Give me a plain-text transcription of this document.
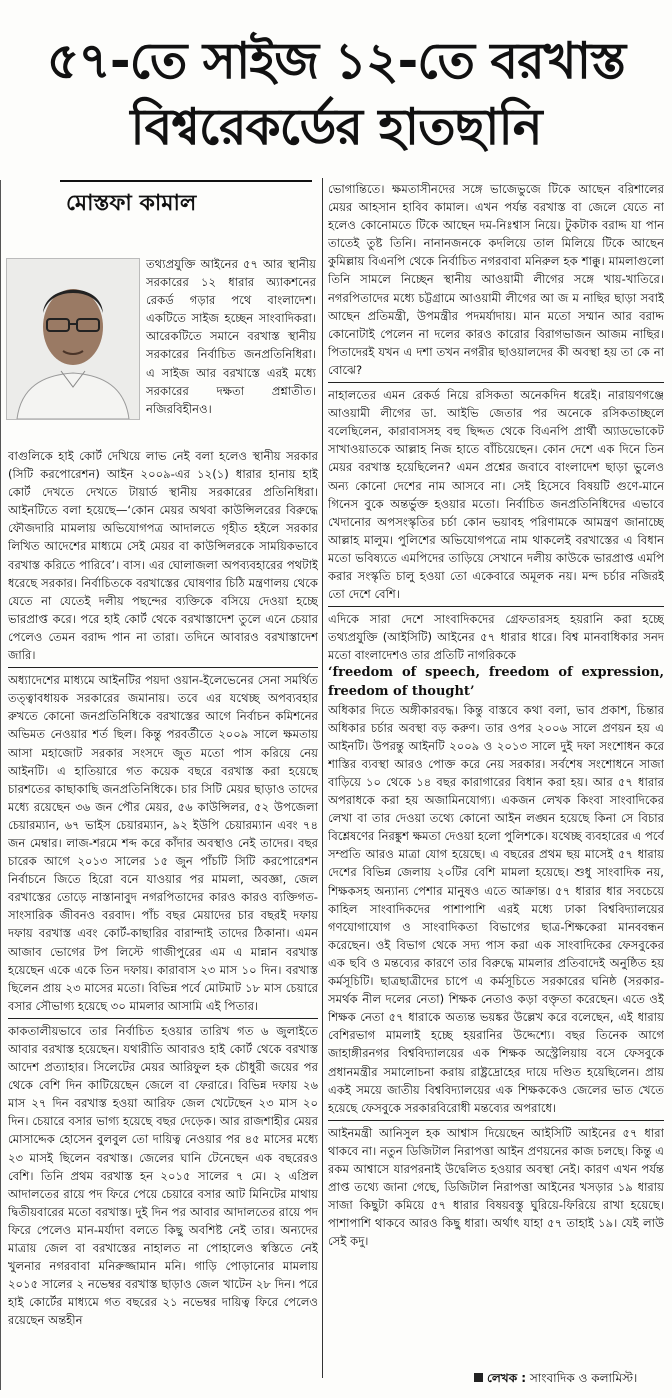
৫৭-তে সাইজ ১২-তে বরখাস্ত
বিশ্বরেকর্ডের হাতছানি
মোস্তফা কামাল

তথ্যপ্রযুক্তি আইনের ৫৭ আর স্থানীয় সরকারের ১২ ধারার অ্যাকশনের রেকর্ড গড়ার পথে বাংলাদেশ। একটিতে সাইজ হচ্ছেন সাংবাদিকরা। আরেকটিতে সমানে বরখাস্ত স্থানীয় সরকারের নির্বাচিত জনপ্রতিনিধিরা। এ সাইজ আর বরখাস্তে এরই মধ্যে সরকারের দক্ষতা প্রশ্নাতীত। নজিরবিহীনও।

বাগুলিকে হাই কোর্ট দেখিয়ে লাভ নেই বলা হলেও স্থানীয় সরকার (সিটি করপোরেশন) আইন ২০০৯-এর ১২(১) ধারার হানায় হাই কোর্ট দেখতে দেখতে টায়ার্ড স্থানীয় সরকারের প্রতিনিধিরা। আইনটিতে বলা হয়েছে—‘কোন মেয়র অথবা কাউন্সিলরের বিরুদ্ধে ফৌজদারি মামলায় অভিযোগপত্র আদালতে গৃহীত হইলে সরকার লিখিত আদেশের মাধ্যমে সেই মেয়র বা কাউন্সিলরকে সাময়িকভাবে বরখাস্ত করিতে পারিবে’। বাস। এর ঘোলাজলা অপব্যবহারের পথটাই ধরেছে সরকার। নির্বাচিতকে বরখাস্তের ঘোষণার চিঠি মন্ত্রণালয় থেকে যেতে না যেতেই দলীয় পছন্দের ব্যক্তিকে বসিয়ে দেওয়া হচ্ছে ভারপ্রাপ্ত করে। পরে হাই কোর্ট থেকে বরখাস্তাদেশ তুলে এনে চেয়ার পেলেও তেমন বরাদ্দ পান না তারা। তদিনে আবারও বরখাস্তাদেশ জারি।

অধ্যাদেশের মাধ্যমে আইনটির পয়দা ওয়ান-ইলেভেনের সেনা সমর্থিত তত্ত্বাবধায়ক সরকারের জমানায়। তবে এর যথেচ্ছ অপব্যবহার রুখতে কোনো জনপ্রতিনিধিকে বরখাস্তের আগে নির্বাচন কমিশনের অভিমত নেওয়ার শর্ত ছিল। কিন্তু পরবর্তীতে ২০০৯ সালে ক্ষমতায় আসা মহাজোট সরকার সংসদে জুত মতো পাস করিয়ে নেয় আইনটি। এ হাতিয়ারে গত কয়েক বছরে বরখাস্ত করা হয়েছে চারশতের কাছাকাছি জনপ্রতিনিধিকে। চার সিটি মেয়র ছাড়াও তাদের মধ্যে রয়েছেন ৩৬ জন পৌর মেয়র, ৫৬ কাউন্সিলর, ৫২ উপজেলা চেয়ারম্যান, ৬৭ ভাইস চেয়ারম্যান, ৯২ ইউপি চেয়ারম্যান এবং ৭৪ জন মেম্বার। লাজ-শরমে শব্দ করে কাঁদার অবস্থাও নেই তাদের। বছর চারেক আগে ২০১৩ সালের ১৫ জুন পাঁচটি সিটি করপোরেশন নির্বাচনে জিতে হিরো বনে যাওয়ার পর মামলা, অবজ্ঞা, জেল বরখাস্তের তোড়ে নাস্তানাবুদ নগরপিতাদের কারও কারও ব্যক্তিগত-সাংসারিক জীবনও বরবাদ। পাঁচ বছর মেয়াদের চার বছরই দফায় দফায় বরখাস্ত এবং কোর্ট-কাছারির বারান্দাই তাদের ঠিকানা। এমন আজাব ভোগের টপ লিস্টে গাজীপুরের এম এ মান্নান বরখাস্ত হয়েছেন একে একে তিন দফায়। কারাবাস ২৩ মাস ১০ দিন। বরখাস্ত ছিলেন প্রায় ২৩ মাসের মতো। বিভিন্ন পর্বে মোটমাট ১৮ মাস চেয়ারে বসার সৌভাগ্য হয়েছে ৩০ মামলার আসামি এই পিতার।

কাকতালীয়ভাবে তার নির্বাচিত হওয়ার তারিখ গত ৬ জুলাইতে আবার বরখাস্ত হয়েছেন। যথারীতি আবারও হাই কোর্ট থেকে বরখাস্ত আদেশ প্রত্যাহার। সিলেটের মেয়র আরিফুল হক চৌধুরী জয়ের পর থেকে বেশি দিন কাটিয়েছেন জেলে বা ফেরারে। বিভিন্ন দফায় ২৬ মাস ২৭ দিন বরখাস্ত হওয়া আরিফ জেল খেটেছেন ২৩ মাস ২০ দিন। চেয়ারে বসার ভাগ্য হয়েছে বছর দেড়েক। আর রাজশাহীর মেয়র মোসাদ্দেক হোসেন বুলবুল তো দায়িত্ব নেওয়ার পর ৪৫ মাসের মধ্যে ২৩ মাসই ছিলেন বরখাস্ত। জেলের ঘানি টেনেছেন এক বছরেরও বেশি। তিনি প্রথম বরখাস্ত হন ২০১৫ সালের ৭ মে। ২ এপ্রিল আদালতের রায়ে পদ ফিরে পেয়ে চেয়ারে বসার আট মিনিটের মাথায় দ্বিতীয়বারের মতো বরখাস্ত। দুই দিন পর আবার আদালতের রায়ে পদ ফিরে পেলেও মান-মর্যাদা বলতে কিছু অবশিষ্ট নেই তার। অন্যদের মাত্রায় জেল বা বরখাস্তের নাহালত না পোহালেও স্বস্তিতে নেই খুলনার নগরবাবা মনিরুজ্জামান মনি। গাড়ি পোড়ানোর মামলায় ২০১৫ সালের ২ নভেম্বর বরখাস্ত ছাড়াও জেল খাটেন ২৮ দিন। পরে হাই কোর্টের মাধ্যমে গত বছরের ২১ নভেম্বর দায়িত্ব ফিরে পেলেও রয়েছেন অন্তহীন

ভোগান্তিতে। ক্ষমতাসীনদের সঙ্গে ভাজেভুজে টিকে আছেন বরিশালের মেয়র আহসান হাবিব কামাল। এখন পর্যন্ত বরখাস্ত বা জেলে যেতে না হলেও কোনোমতে টিকে আছেন দম-নিঃশ্বাস নিয়ে। টুকটাক বরাদ্দ যা পান তাতেই তুষ্ট তিনি। নানানজনকে কদলিয়ে তাল মিলিয়ে টিকে আছেন কুমিল্লায় বিএনপি থেকে নির্বাচিত নগরবাবা মনিরুল হক শাক্কু। মামলাগুলো তিনি সামলে নিচ্ছেন স্থানীয় আওয়ামী লীগের সঙ্গে খায়-খাতিরে। নগরপিতাদের মধ্যে চট্টগ্রামে আওয়ামী লীগের আ জ ম নাছির ছাড়া সবাই আছেন প্রতিমন্ত্রী, উপমন্ত্রীর পদমর্যাদায়। মান মতো সম্মান আর বরাদ্দ কোনোটাই পেলেন না দলের কারও কারোর বিরাগভাজন আজম নাছির। পিতাদেরই যখন এ দশা তখন নগরীর ছাওয়ালদের কী অবস্থা হয় তা কে না বোঝে?

নাহালতের এমন রেকর্ড নিয়ে রসিকতা অনেকদিন ধরেই। নারায়ণগঞ্জে আওয়ামী লীগের ডা. আইভি জেতার পর অনেকে রসিকতাচ্ছলে বলেছিলেন, কারাবাসসহ বহু ছিদ্দত থেকে বিএনপি প্রার্থী অ্যাডভোকেট সাখাওয়াতকে আল্লাহ নিজ হাতে বাঁচিয়েছেন। কোন দেশে এক দিনে তিন মেয়র বরখাস্ত হয়েছিলেন? এমন প্রশ্নের জবাবে বাংলাদেশ ছাড়া ভুলেও অন্য কোনো দেশের নাম আসবে না। সেই হিসেবে বিষয়টি গুণে-মানে গিনেস বুকে অন্তর্ভুক্ত হওয়ার মতো। নির্বাচিত জনপ্রতিনিধিদের এভাবে খেদানোর অপসংস্কৃতির চর্চা কোন ভয়াবহ পরিণামকে আমন্ত্রণ জানাচ্ছে আল্লাহ মালুম। পুলিশের অভিযোগপত্রে নাম থাকলেই বরখাস্তের এ বিধান মতো ভবিষ্যতে এমপিদের তাড়িয়ে সেখানে দলীয় কাউকে ভারপ্রাপ্ত এমপি করার সংস্কৃতি চালু হওয়া তো একেবারে অমূলক নয়। মন্দ চর্চার নজিরই তো দেশে বেশি।

এদিকে সারা দেশে সাংবাদিকদের গ্রেফতারসহ হয়রানি করা হচ্ছে তথ্যপ্রযুক্তি (আইসিটি) আইনের ৫৭ ধারার ধারে। বিশ্ব মানবাধিকার সনদ মতো বাংলাদেশও তার প্রতিটি নাগরিককে

‘freedom of speech, freedom of expression, freedom of thought’

অধিকার দিতে অঙ্গীকারবদ্ধ। কিন্তু বাস্তবে কথা বলা, ভাব প্রকাশ, চিন্তার অধিকার চর্চার অবস্থা বড় করুণ। তার ওপর ২০০৬ সালে প্রণয়ন হয় এ আইনটি। উপরন্তু আইনটি ২০০৯ ও ২০১৩ সালে দুই দফা সংশোধন করে শাস্তির ব্যবস্থা আরও পোক্ত করে নেয় সরকার। সর্বশেষ সংশোধনে সাজা বাড়িয়ে ১০ থেকে ১৪ বছর কারাগারের বিধান করা হয়। আর ৫৭ ধারার অপরাধকে করা হয় অজামিনযোগ্য। একজন লেখক কিংবা সাংবাদিকের লেখা বা তার দেওয়া তথ্যে কোনো আইন লঙ্ঘন হয়েছে কিনা সে বিচার বিশ্লেষণের নিরঙ্কুশ ক্ষমতা দেওয়া হলো পুলিশকে। যথেচ্ছ ব্যবহারের এ পর্বে সম্প্রতি আরও মাত্রা যোগ হয়েছে। এ বছরের প্রথম ছয় মাসেই ৫৭ ধারায় দেশের বিভিন্ন জেলায় ২০টির বেশি মামলা হয়েছে। শুধু সাংবাদিক নয়, শিক্ষকসহ অন্যান্য পেশার মানুষও এতে আক্রান্ত। ৫৭ ধারার ধার সবচেয়ে কাহিল সাংবাদিকদের পাশাপাশি এরই মধ্যে ঢাকা বিশ্ববিদ্যালয়ের গণযোগাযোগ ও সাংবাদিকতা বিভাগের ছাত্র-শিক্ষকেরা মানববন্ধন করেছেন। ওই বিভাগ থেকে সদ্য পাস করা এক সাংবাদিকের ফেসবুকের এক ছবি ও মন্তব্যের কারণে তার বিরুদ্ধে মামলার প্রতিবাদেই অনুষ্ঠিত হয় কর্মসূচিটি। ছাত্রছাত্রীদের চাপে এ কর্মসূচিতে সরকারের ঘনিষ্ঠ (সরকার-সমর্থক নীল দলের নেতা) শিক্ষক নেতাও কড়া বক্তৃতা করেছেন। এতে ওই শিক্ষক নেতা ৫৭ ধারাকে অত্যন্ত ভয়ঙ্কর উল্লেখ করে বলেছেন, এই ধারায় বেশিরভাগ মামলাই হচ্ছে হয়রানির উদ্দেশ্যে। বছর তিনেক আগে জাহাঙ্গীরনগর বিশ্ববিদ্যালয়ের এক শিক্ষক অস্ট্রেলিয়ায় বসে ফেসবুকে প্রধানমন্ত্রীর সমালোচনা করায় রাষ্ট্রদ্রোহের দায়ে দণ্ডিত হয়েছিলেন। প্রায় একই সময়ে জাতীয় বিশ্ববিদ্যালয়ের এক শিক্ষককেও জেলের ভাত খেতে হয়েছে ফেসবুকে সরকারবিরোধী মন্তব্যের অপরাধে।

আইনমন্ত্রী আনিসুল হক আশ্বাস দিয়েছেন আইসিটি আইনের ৫৭ ধারা থাকবে না। নতুন ডিজিটাল নিরাপত্তা আইন প্রণয়নের কাজ চলছে। কিন্তু এ রকম আশ্বাসে যারপরনাই উদ্বেলিত হওয়ার অবস্থা নেই। কারণ এখন পর্যন্ত প্রাপ্ত তথ্যে জানা গেছে, ডিজিটাল নিরাপত্তা আইনের খসড়ার ১৯ ধারায় সাজা কিছুটা কমিয়ে ৫৭ ধারার বিষয়বস্তু ঘুরিয়ে-ফিরিয়ে রাখা হয়েছে। পাশাপাশি থাকবে আরও কিছু ধারা। অর্থাৎ যাহা ৫৭ তাহাই ১৯। যেই লাউ সেই কদু।

লেখক : সাংবাদিক ও কলামিস্ট।
